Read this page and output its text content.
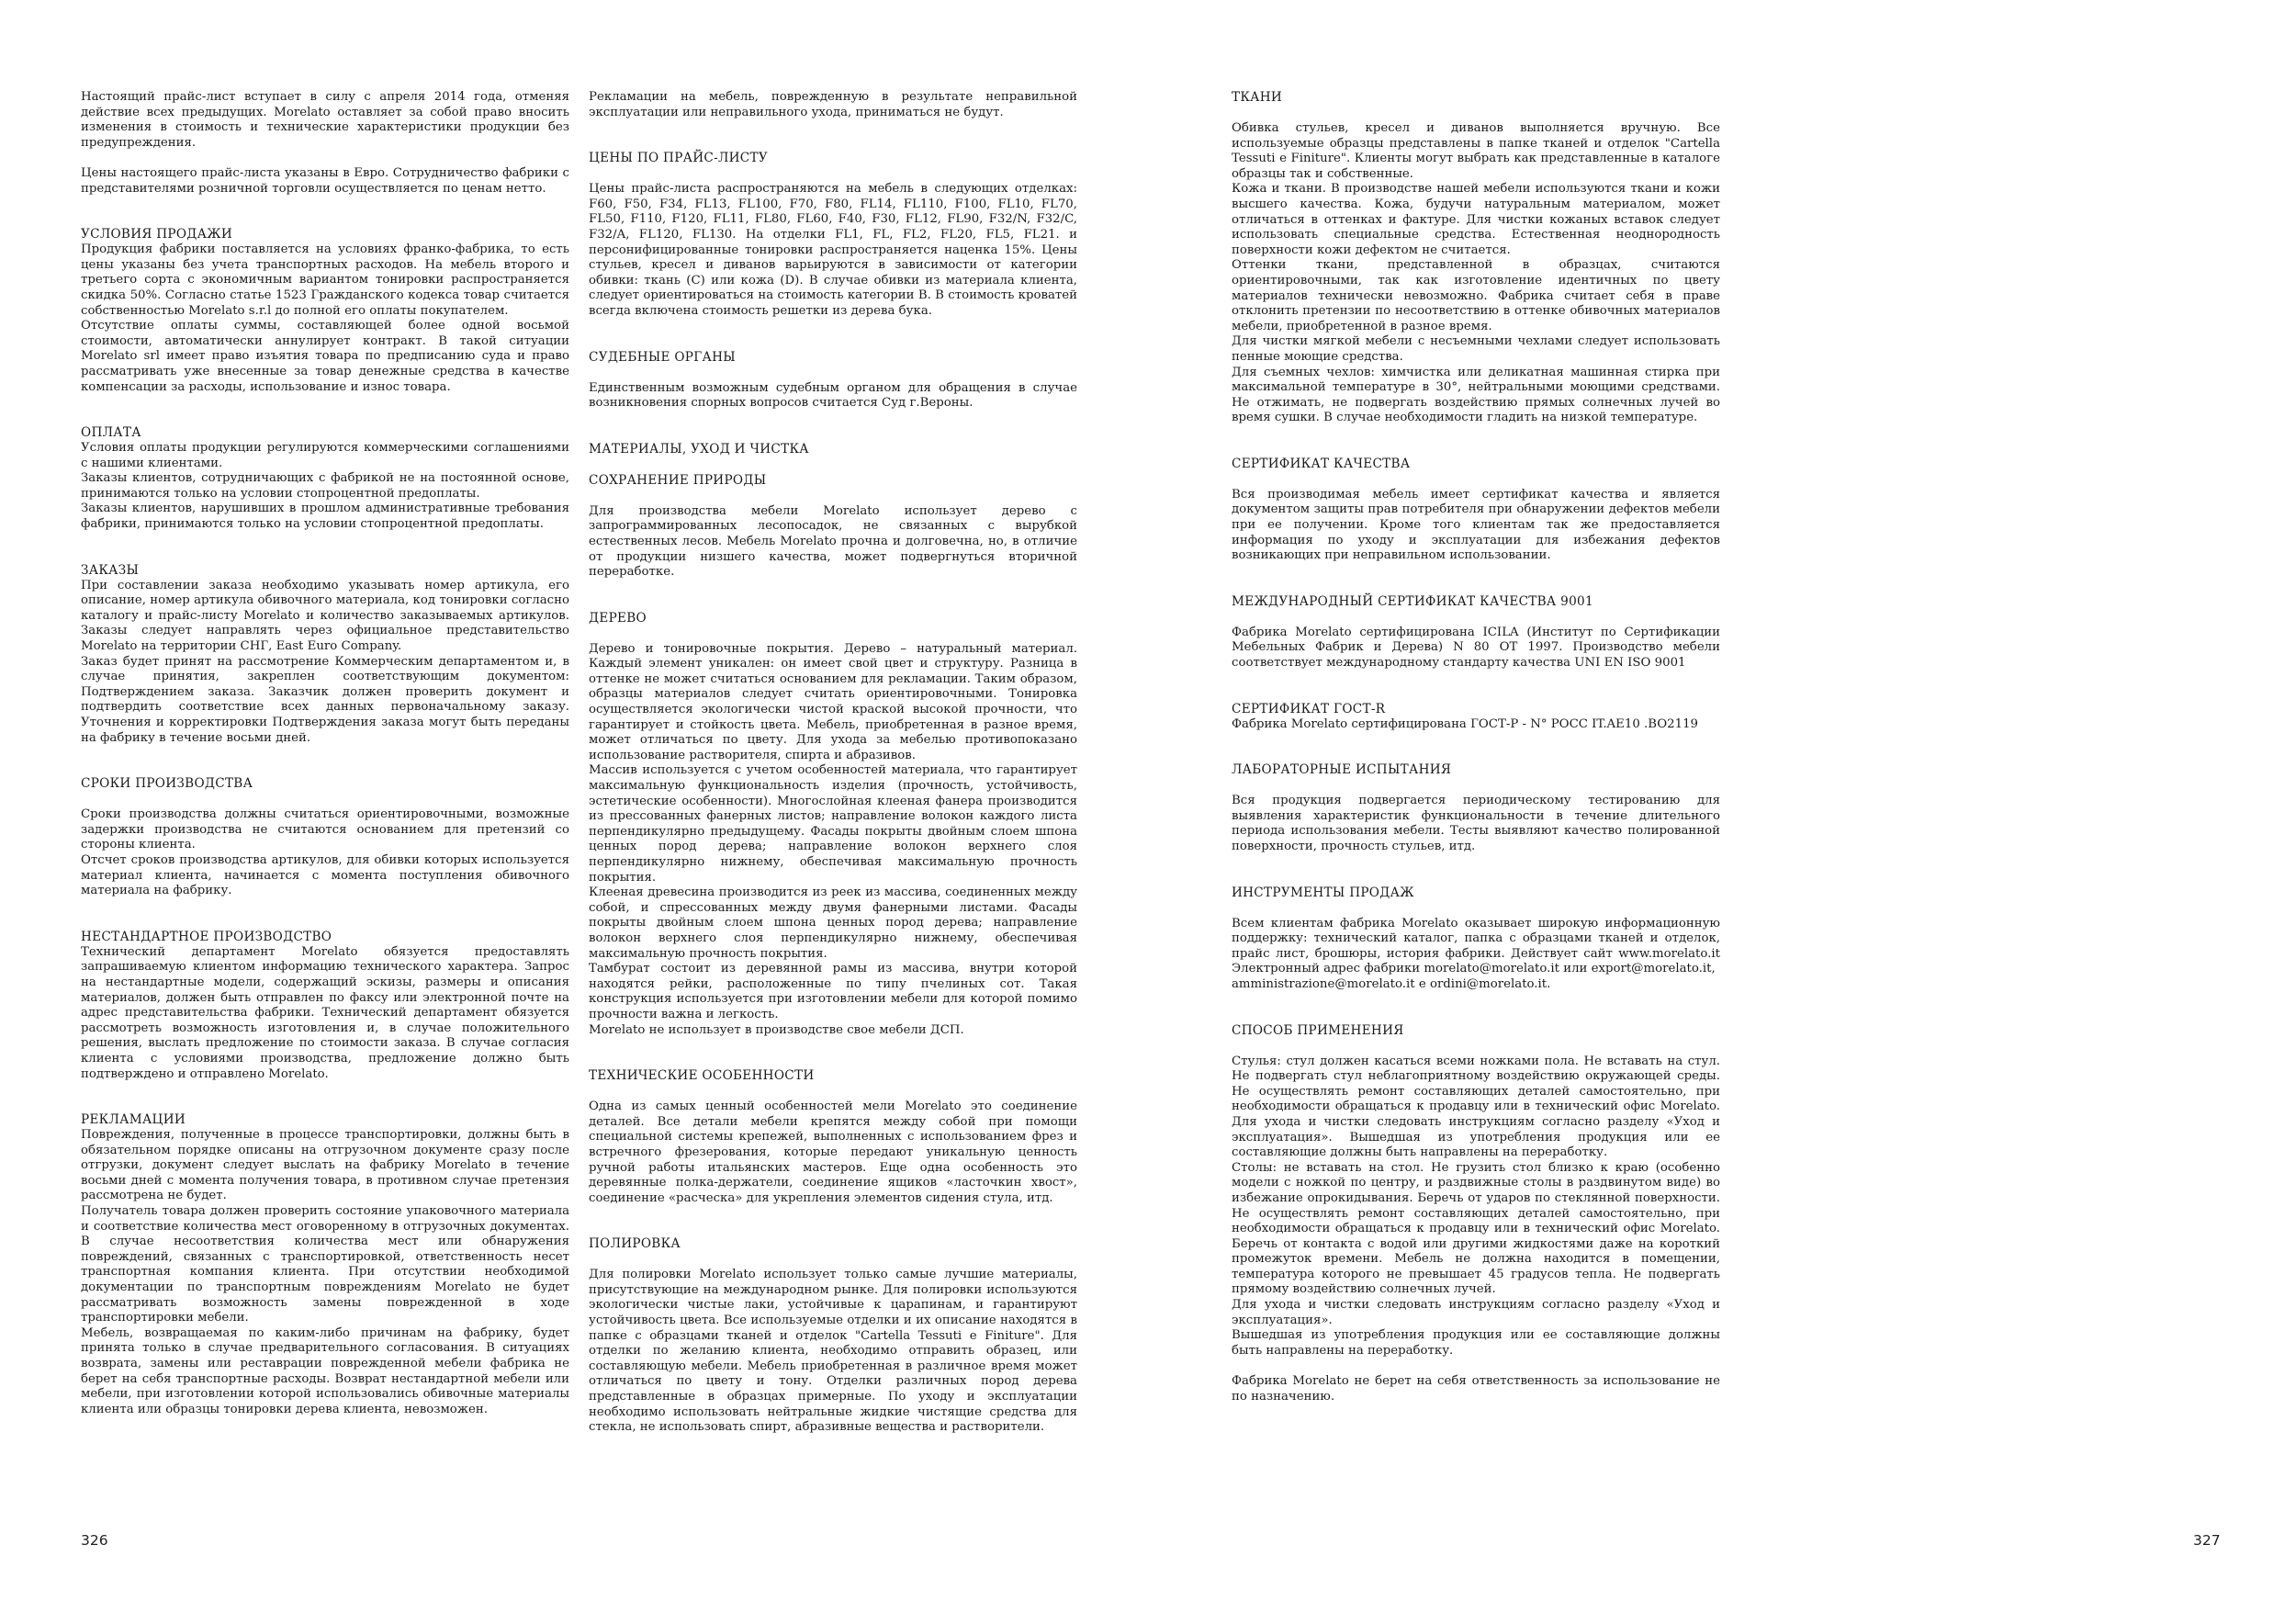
Настоящий прайс-лист вступает в силу с апреля 2014 года, отменяя действие всех предыдущих. Morelato оставляет за собой право вносить изменения в стоимость и технические характеристики продукции без предупреждения.

Цены настоящего прайс-листа указаны в Евро. Сотрудничество фабрики с представителями розничной торговли осуществляется по ценам нетто.

УСЛОВИЯ ПРОДАЖИ

Продукция фабрики поставляется на условиях франко-фабрика, то есть цены указаны без учета транспортных расходов. На мебель второго и третьего сорта с экономичным вариантом тонировки распространяется скидка 50%. Согласно статье 1523 Гражданского кодекса товар считается собственностью Morelato s.r.l до полной его оплаты покупателем.

Отсутствие оплаты суммы, составляющей более одной восьмой стоимости, автоматически аннулирует контракт. В такой ситуации Morelato srl имеет право изъятия товара по предписанию суда и право рассматривать уже внесенные за товар денежные средства в качестве компенсации за расходы, использование и износ товара.

ОПЛАТА

Условия оплаты продукции регулируются коммерческими соглашениями с нашими клиентами.

Заказы клиентов, сотрудничающих с фабрикой не на постоянной основе, принимаются только на условии стопроцентной предоплаты.

Заказы клиентов, нарушивших в прошлом административные требования фабрики, принимаются только на условии стопроцентной предоплаты.

ЗАКАЗЫ

При составлении заказа необходимо указывать номер артикула, его описание, номер артикула обивочного материала, код тонировки согласно каталогу и прайс-листу Morelato и количество заказываемых артикулов. Заказы следует направлять через официальное представительство Morelato на территории СНГ, East Euro Company.

Заказ будет принят на рассмотрение Коммерческим департаментом и, в случае принятия, закреплен соответствующим документом: Подтверждением заказа. Заказчик должен проверить документ и подтвердить соответствие всех данных первоначальному заказу. Уточнения и корректировки Подтверждения заказа могут быть переданы на фабрику в течение восьми дней.

СРОКИ ПРОИЗВОДСТВА

Сроки производства должны считаться ориентировочными, возможные задержки производства не считаются основанием для претензий со стороны клиента.

Отсчет сроков производства артикулов, для обивки которых используется материал клиента, начинается с момента поступления обивочного материала на фабрику.

НЕСТАНДАРТНОЕ ПРОИЗВОДСТВО

Технический департамент Morelato обязуется предоставлять запрашиваемую клиентом информацию технического характера. Запрос на нестандартные модели, содержащий эскизы, размеры и описания материалов, должен быть отправлен по факсу или электронной почте на адрес представительства фабрики. Технический департамент обязуется рассмотреть возможность изготовления и, в случае положительного решения, выслать предложение по стоимости заказа. В случае согласия клиента с условиями производства, предложение должно быть подтверждено и отправлено Morelato.

РЕКЛАМАЦИИ

Повреждения, полученные в процессе транспортировки, должны быть в обязательном порядке описаны на отгрузочном документе сразу после отгрузки, документ следует выслать на фабрику Morelato в течение восьми дней с момента получения товара, в противном случае претензия рассмотрена не будет.

Получатель товара должен проверить состояние упаковочного материала и соответствие количества мест оговоренному в отгрузочных документах. В случае несоответствия количества мест или обнаружения повреждений, связанных с транспортировкой, ответственность несет транспортная компания клиента. При отсутствии необходимой документации по транспортным повреждениям Morelato не будет рассматривать возможность замены поврежденной в ходе транспортировки мебели.

Мебель, возвращаемая по каким-либо причинам на фабрику, будет принята только в случае предварительного согласования. В ситуациях возврата, замены или реставрации поврежденной мебели фабрика не берет на себя транспортные расходы. Возврат нестандартной мебели или мебели, при изготовлении которой использовались обивочные материалы клиента или образцы тонировки дерева клиента, невозможен.

Рекламации на мебель, поврежденную в результате неправильной эксплуатации или неправильного ухода, приниматься не будут.

ЦЕНЫ ПО ПРАЙС-ЛИСТУ

Цены прайс-листа распространяются на мебель в следующих отделках: F60, F50, F34, FL13, FL100, F70, F80, FL14, FL110, F100, FL10, FL70, FL50, F110, F120, FL11, FL80, FL60, F40, F30, FL12, FL90, F32/N, F32/C, F32/A, FL120, FL130. На отделки FL1, FL, FL2, FL20, FL5, FL21. и персонифицированные тонировки распространяется наценка 15%. Цены стульев, кресел и диванов варьируются в зависимости от категории обивки: ткань (C) или кожа (D). В случае обивки из материала клиента, следует ориентироваться на стоимость категории В. В стоимость кроватей всегда включена стоимость решетки из дерева бука.

СУДЕБНЫЕ ОРГАНЫ

Единственным возможным судебным органом для обращения в случае возникновения спорных вопросов считается Суд г.Вероны.

МАТЕРИАЛЫ, УХОД И ЧИСТКА
СОХРАНЕНИЕ ПРИРОДЫ

Для производства мебели Morelato использует дерево с запрограммированных лесопосадок, не связанных с вырубкой естественных лесов. Мебель Morelato прочна и долговечна, но, в отличие от продукции низшего качества, может подвергнуться вторичной переработке.

ДЕРЕВО

Дерево и тонировочные покрытия. Дерево – натуральный материал. Каждый элемент уникален: он имеет свой цвет и структуру. Разница в оттенке не может считаться основанием для рекламации. Таким образом, образцы материалов следует считать ориентировочными. Тонировка осуществляется экологически чистой краской высокой прочности, что гарантирует и стойкость цвета. Мебель, приобретенная в разное время, может отличаться по цвету. Для ухода за мебелью противопоказано использование растворителя, спирта и абразивов.

Массив используется с учетом особенностей материала, что гарантирует максимальную функциональность изделия (прочность, устойчивость, эстетические особенности). Многослойная клееная фанера производится из прессованных фанерных листов; направление волокон каждого листа перпендикулярно предыдущему. Фасады покрыты двойным слоем шпона ценных пород дерева; направление волокон верхнего слоя перпендикулярно нижнему, обеспечивая максимальную прочность покрытия.

Клееная древесина производится из реек из массива, соединенных между собой, и спрессованных между двумя фанерными листами. Фасады покрыты двойным слоем шпона ценных пород дерева; направление волокон верхнего слоя перпендикулярно нижнему, обеспечивая максимальную прочность покрытия.

Тамбурат состоит из деревянной рамы из массива, внутри которой находятся рейки, расположенные по типу пчелиных сот. Такая конструкция используется при изготовлении мебели для которой помимо прочности важна и легкость.

Morelato не использует в производстве свое мебели ДСП.

ТЕХНИЧЕСКИЕ ОСОБЕННОСТИ

Одна из самых ценный особенностей мели Morelato это соединение деталей. Все детали мебели крепятся между собой при помощи специальной системы крепежей, выполненных с использованием фрез и встречного фрезерования, которые передают уникальную ценность ручной работы итальянских мастеров. Еще одна особенность это деревянные полка-держатели, соединение ящиков «ласточкин хвост», соединение «расческа» для укрепления элементов сидения стула, итд.

ПОЛИРОВКА

Для полировки Morelato использует только самые лучшие материалы, присутствующие на международном рынке. Для полировки используются экологически чистые лаки, устойчивые к царапинам, и гарантируют устойчивость цвета. Все используемые отделки и их описание находятся в папке с образцами тканей и отделок "Cartella Tessuti e Finiture". Для отделки по желанию клиента, необходимо отправить образец, или составляющую мебели. Мебель приобретенная в различное время может отличаться по цвету и тону. Отделки различных пород дерева представленные в образцах примерные. По уходу и эксплуатации необходимо использовать нейтральные жидкие чистящие средства для стекла, не использовать спирт, абразивные вещества и растворители.

ТКАНИ

Обивка стульев, кресел и диванов выполняется вручную. Все используемые образцы представлены в папке тканей и отделок "Cartella Tessuti e Finiture". Клиенты могут выбрать как представленные в каталоге образцы так и собственные.

Кожа и ткани. В производстве нашей мебели используются ткани и кожи высшего качества. Кожа, будучи натуральным материалом, может отличаться в оттенках и фактуре. Для чистки кожаных вставок следует использовать специальные средства. Естественная неоднородность поверхности кожи дефектом не считается.

Оттенки ткани, представленной в образцах, считаются ориентировочными, так как изготовление идентичных по цвету материалов технически невозможно. Фабрика считает себя в праве отклонить претензии по несоответствию в оттенке обивочных материалов мебели, приобретенной в разное время.

Для чистки мягкой мебели с несъемными чехлами следует использовать пенные моющие средства.

Для съемных чехлов: химчистка или деликатная машинная стирка при максимальной температуре в 30°, нейтральными моющими средствами. Не отжимать, не подвергать воздействию прямых солнечных лучей во время сушки. В случае необходимости гладить на низкой температуре.

СЕРТИФИКАТ КАЧЕСТВА

Вся производимая мебель имеет сертификат качества и является документом защиты прав потребителя при обнаружении дефектов мебели при ее получении. Кроме того клиентам так же предоставляется информация по уходу и эксплуатации для избежания дефектов возникающих при неправильном использовании.

МЕЖДУНАРОДНЫЙ СЕРТИФИКАТ КАЧЕСТВА 9001

Фабрика Morelato сертифицирована ICILA (Институт по Сертификации Мебельных Фабрик и Дерева) N 80 ОТ 1997. Производство мебели соответствует международному стандарту качества UNI EN ISO 9001

СЕРТИФИКАТ ГОСТ-R

Фабрика Morelato сертифицирована ГОСТ-Р - N° РОСС IT.AE10 .BO2119

ЛАБОРАТОРНЫЕ ИСПЫТАНИЯ

Вся продукция подвергается периодическому тестированию для выявления характеристик функциональности в течение длительного периода использования мебели. Тесты выявляют качество полированной поверхности, прочность стульев, итд.

ИНСТРУМЕНТЫ ПРОДАЖ

Всем клиентам фабрика Morelato оказывает широкую информационную поддержку: технический каталог, папка с образцами тканей и отделок, прайс лист, брошюры, история фабрики. Действует сайт www.morelato.it Электронный адрес фабрики morelato@morelato.it или export@morelato.it,

amministrazione@morelato.it e ordini@morelato.it.

СПОСОБ ПРИМЕНЕНИЯ

Стулья: стул должен касаться всеми ножками пола. Не вставать на стул. Не подвергать стул неблагоприятному воздействию окружающей среды. Не осуществлять ремонт составляющих деталей самостоятельно, при необходимости обращаться к продавцу или в технический офис Morelato. Для ухода и чистки следовать инструкциям согласно разделу «Уход и эксплуатация». Вышедшая из употребления продукция или ее составляющие должны быть направлены на переработку.

Столы: не вставать на стол. Не грузить стол близко к краю (особенно модели с ножкой по центру, и раздвижные столы в раздвинутом виде) во избежание опрокидывания. Беречь от ударов по стеклянной поверхности. Не осуществлять ремонт составляющих деталей самостоятельно, при необходимости обращаться к продавцу или в технический офис Morelato. Беречь от контакта с водой или другими жидкостями даже на короткий промежуток времени. Мебель не должна находится в помещении, температура которого не превышает 45 градусов тепла. Не подвергать прямому воздействию солнечных лучей.

Для ухода и чистки следовать инструкциям согласно разделу «Уход и эксплуатация».

Вышедшая из употребления продукция или ее составляющие должны быть направлены на переработку.

Фабрика Morelato не берет на себя ответственность за использование не по назначению.

326	327
